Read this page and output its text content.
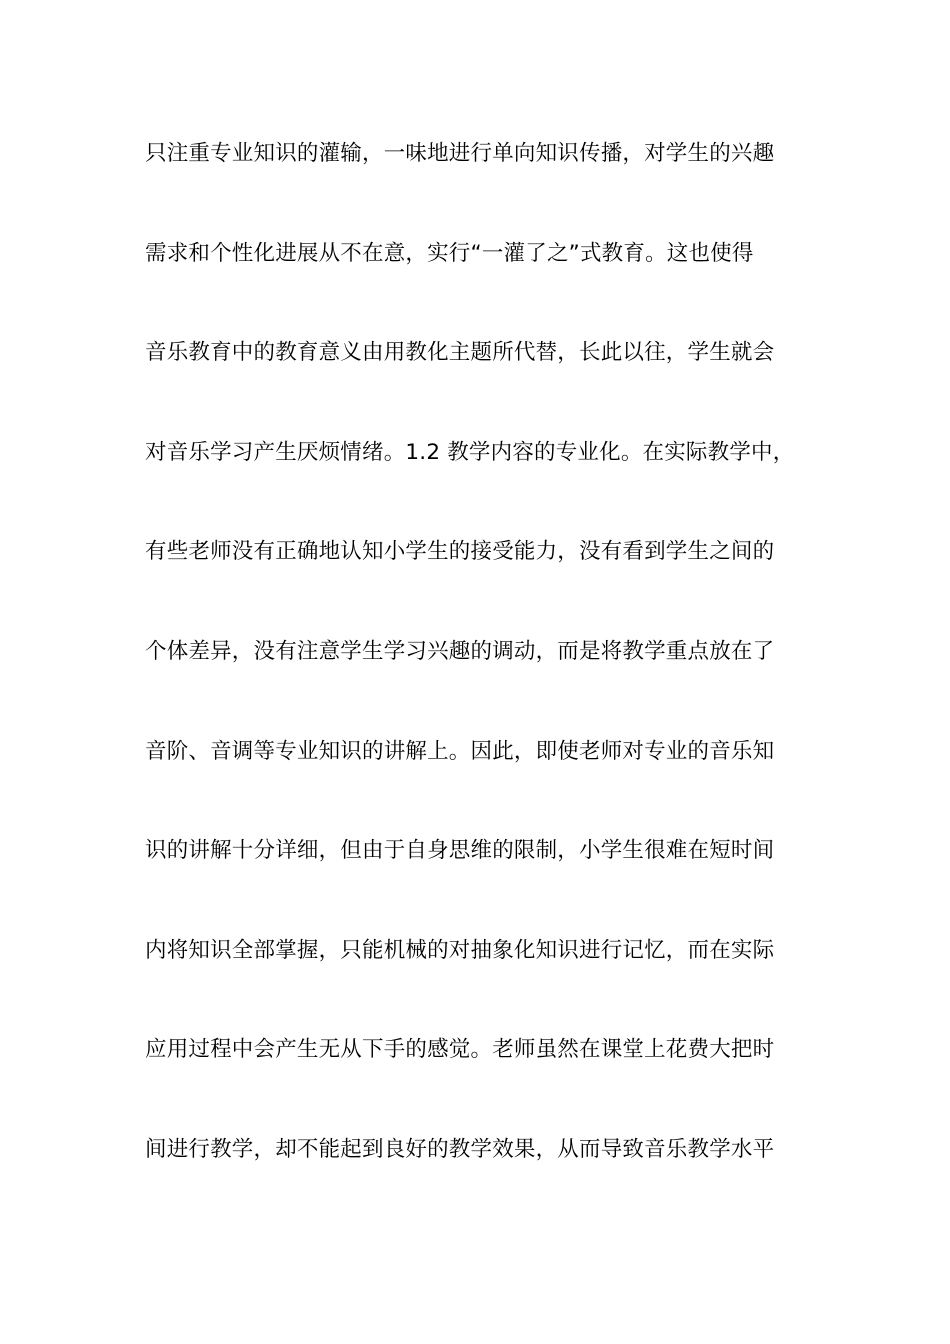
只注重专业知识的灌输，一味地进行单向知识传播，对学生的兴趣
需求和个性化进展从不在意，实行“一灌了之”式教育。这也使得
音乐教育中的教育意义由用教化主题所代替，长此以往，学生就会
对音乐学习产生厌烦情绪。1.2 教学内容的专业化。在实际教学中，
有些老师没有正确地认知小学生的接受能力，没有看到学生之间的
个体差异，没有注意学生学习兴趣的调动，而是将教学重点放在了
音阶、音调等专业知识的讲解上。因此，即使老师对专业的音乐知
识的讲解十分详细，但由于自身思维的限制，小学生很难在短时间
内将知识全部掌握，只能机械的对抽象化知识进行记忆，而在实际
应用过程中会产生无从下手的感觉。老师虽然在课堂上花费大把时
间进行教学，却不能起到良好的教学效果，从而导致音乐教学水平
